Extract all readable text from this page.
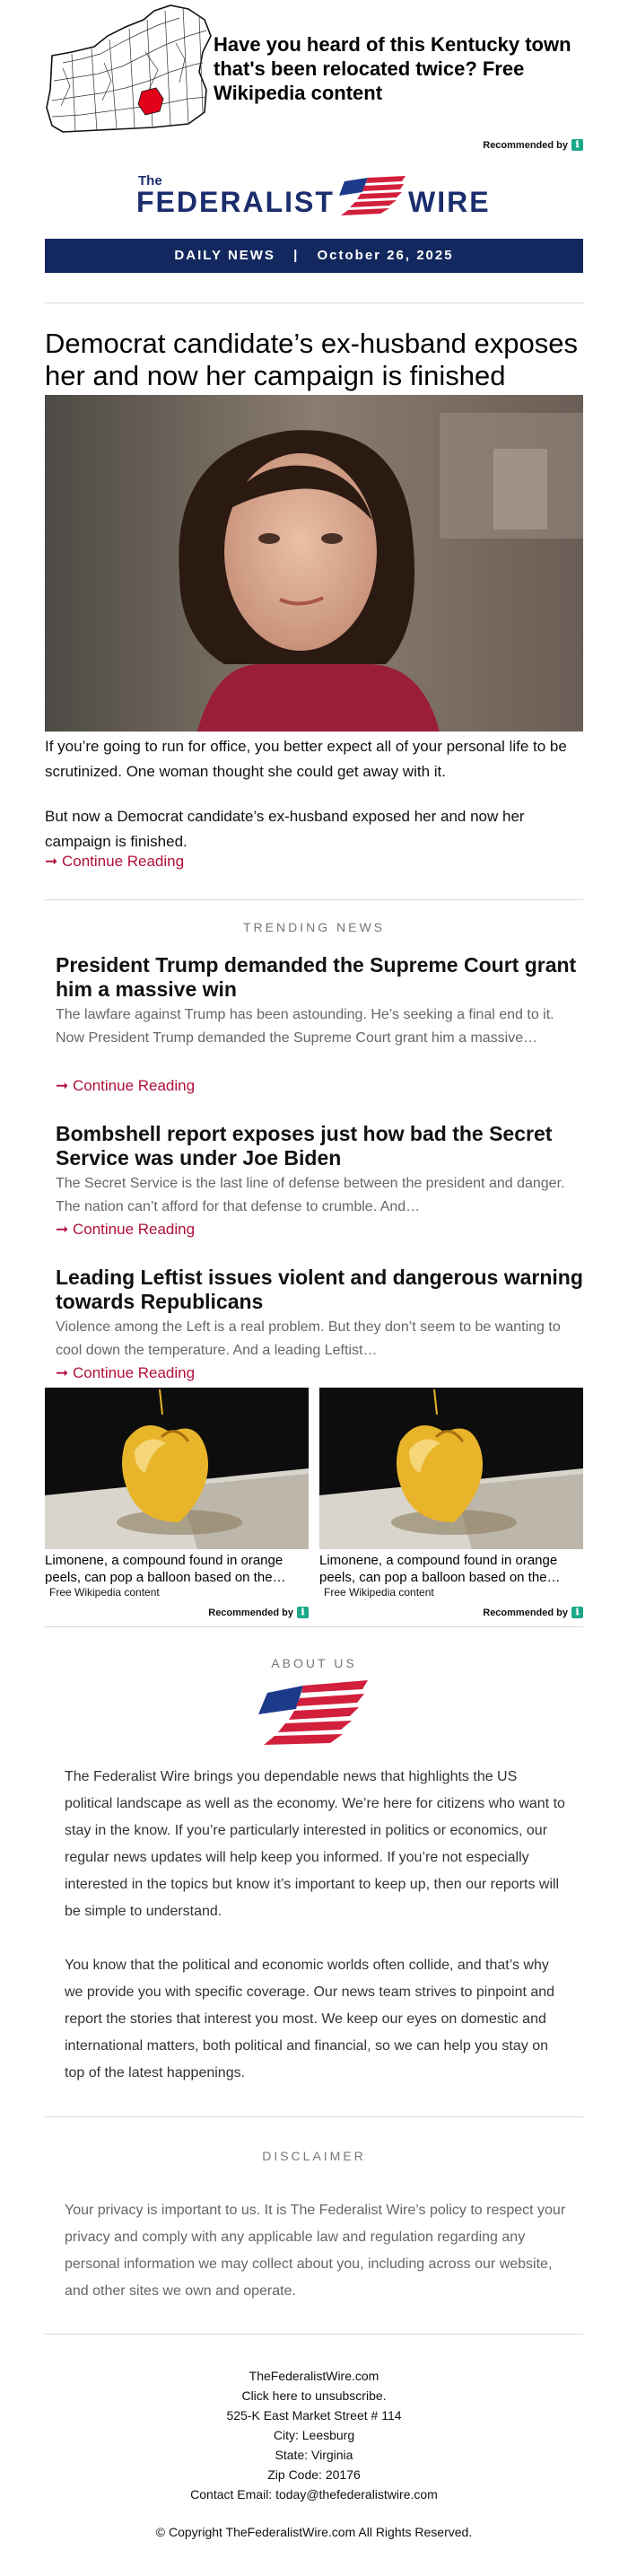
Have you heard of this Kentucky town that's been relocated twice? Free Wikipedia content
Recommended by ℹ
The
FEDERALIST	WIRE
DAILY NEWS | October 26, 2025
Democrat candidate’s ex-husband exposes her and now her campaign is finished
If you’re going to run for office, you better expect all of your personal life to be scrutinized. One woman thought she could get away with it.
But now a Democrat candidate’s ex-husband exposed her and now her campaign is finished.
➞ Continue Reading
TRENDING NEWS
President Trump demanded the Supreme Court grant him a massive win
The lawfare against Trump has been astounding. He’s seeking a final end to it. Now President Trump demanded the Supreme Court grant him a massive…
➞ Continue Reading
Bombshell report exposes just how bad the Secret Service was under Joe Biden
The Secret Service is the last line of defense between the president and danger. The nation can’t afford for that defense to crumble. And…
➞ Continue Reading
Leading Leftist issues violent and dangerous warning towards Republicans
Violence among the Left is a real problem. But they don’t seem to be wanting to cool down the temperature. And a leading Leftist…
➞ Continue Reading
Limonene, a compound found in orange peels, can pop a balloon based on the…
Free Wikipedia content
Recommended by ℹ
Limonene, a compound found in orange peels, can pop a balloon based on the…
Free Wikipedia content
Recommended by ℹ
ABOUT US
The Federalist Wire brings you dependable news that highlights the US political landscape as well as the economy. We’re here for citizens who want to stay in the know. If you’re particularly interested in politics or economics, our regular news updates will help keep you informed. If you’re not especially interested in the topics but know it’s important to keep up, then our reports will be simple to understand.
You know that the political and economic worlds often collide, and that’s why we provide you with specific coverage. Our news team strives to pinpoint and report the stories that interest you most. We keep our eyes on domestic and international matters, both political and financial, so we can help you stay on top of the latest happenings.
DISCLAIMER
Your privacy is important to us. It is The Federalist Wire’s policy to respect your privacy and comply with any applicable law and regulation regarding any personal information we may collect about you, including across our website, and other sites we own and operate.
TheFederalistWire.com
Click here to unsubscribe.
525-K East Market Street # 114
City: Leesburg
State: Virginia
Zip Code: 20176
Contact Email: today@thefederalistwire.com
© Copyright TheFederalistWire.com All Rights Reserved.
